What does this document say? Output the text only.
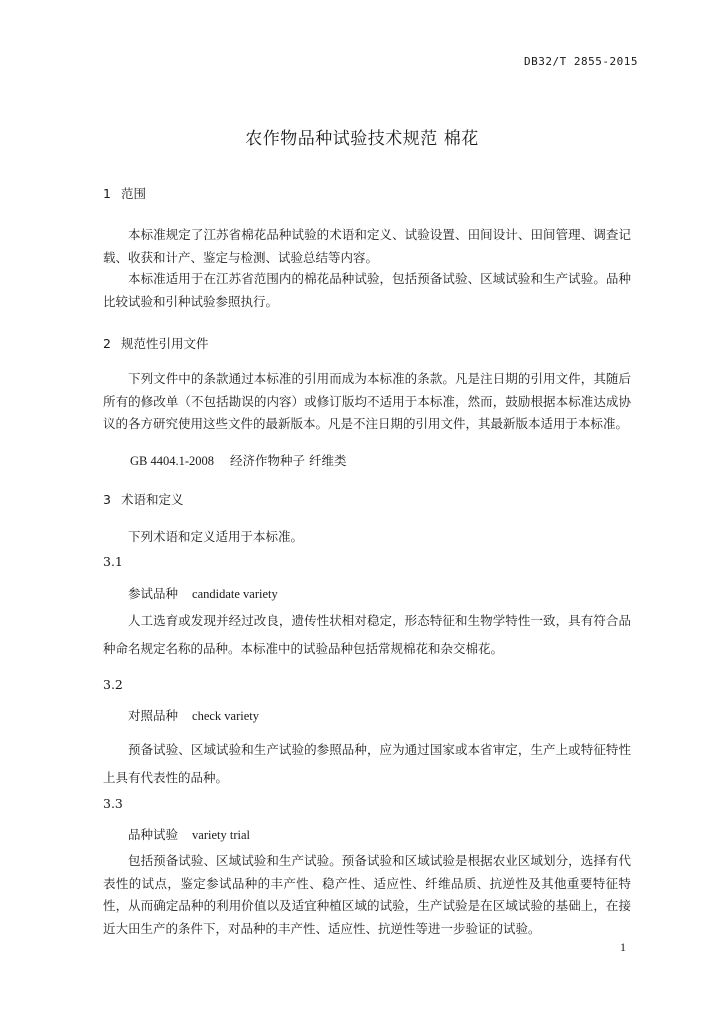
DB32/T 2855-2015
农作物品种试验技术规范 棉花
1 范围
本标准规定了江苏省棉花品种试验的术语和定义、试验设置、田间设计、田间管理、调查记载、收获和计产、鉴定与检测、试验总结等内容。
本标准适用于在江苏省范围内的棉花品种试验，包括预备试验、区域试验和生产试验。品种比较试验和引种试验参照执行。
2 规范性引用文件
下列文件中的条款通过本标准的引用而成为本标准的条款。凡是注日期的引用文件，其随后所有的修改单（不包括勘误的内容）或修订版均不适用于本标准，然而，鼓励根据本标准达成协议的各方研究使用这些文件的最新版本。凡是不注日期的引用文件，其最新版本适用于本标准。
GB 4404.1-2008 经济作物种子 纤维类
3 术语和定义
下列术语和定义适用于本标准。
3.1
参试品种 candidate variety
人工选育或发现并经过改良，遗传性状相对稳定，形态特征和生物学特性一致，具有符合品种命名规定名称的品种。本标准中的试验品种包括常规棉花和杂交棉花。
3.2
对照品种 check variety
预备试验、区域试验和生产试验的参照品种，应为通过国家或本省审定，生产上或特征特性上具有代表性的品种。
3.3
品种试验 variety trial
包括预备试验、区域试验和生产试验。预备试验和区域试验是根据农业区域划分，选择有代表性的试点，鉴定参试品种的丰产性、稳产性、适应性、纤维品质、抗逆性及其他重要特征特性，从而确定品种的利用价值以及适宜种植区域的试验，生产试验是在区域试验的基础上，在接近大田生产的条件下，对品种的丰产性、适应性、抗逆性等进一步验证的试验。
1
